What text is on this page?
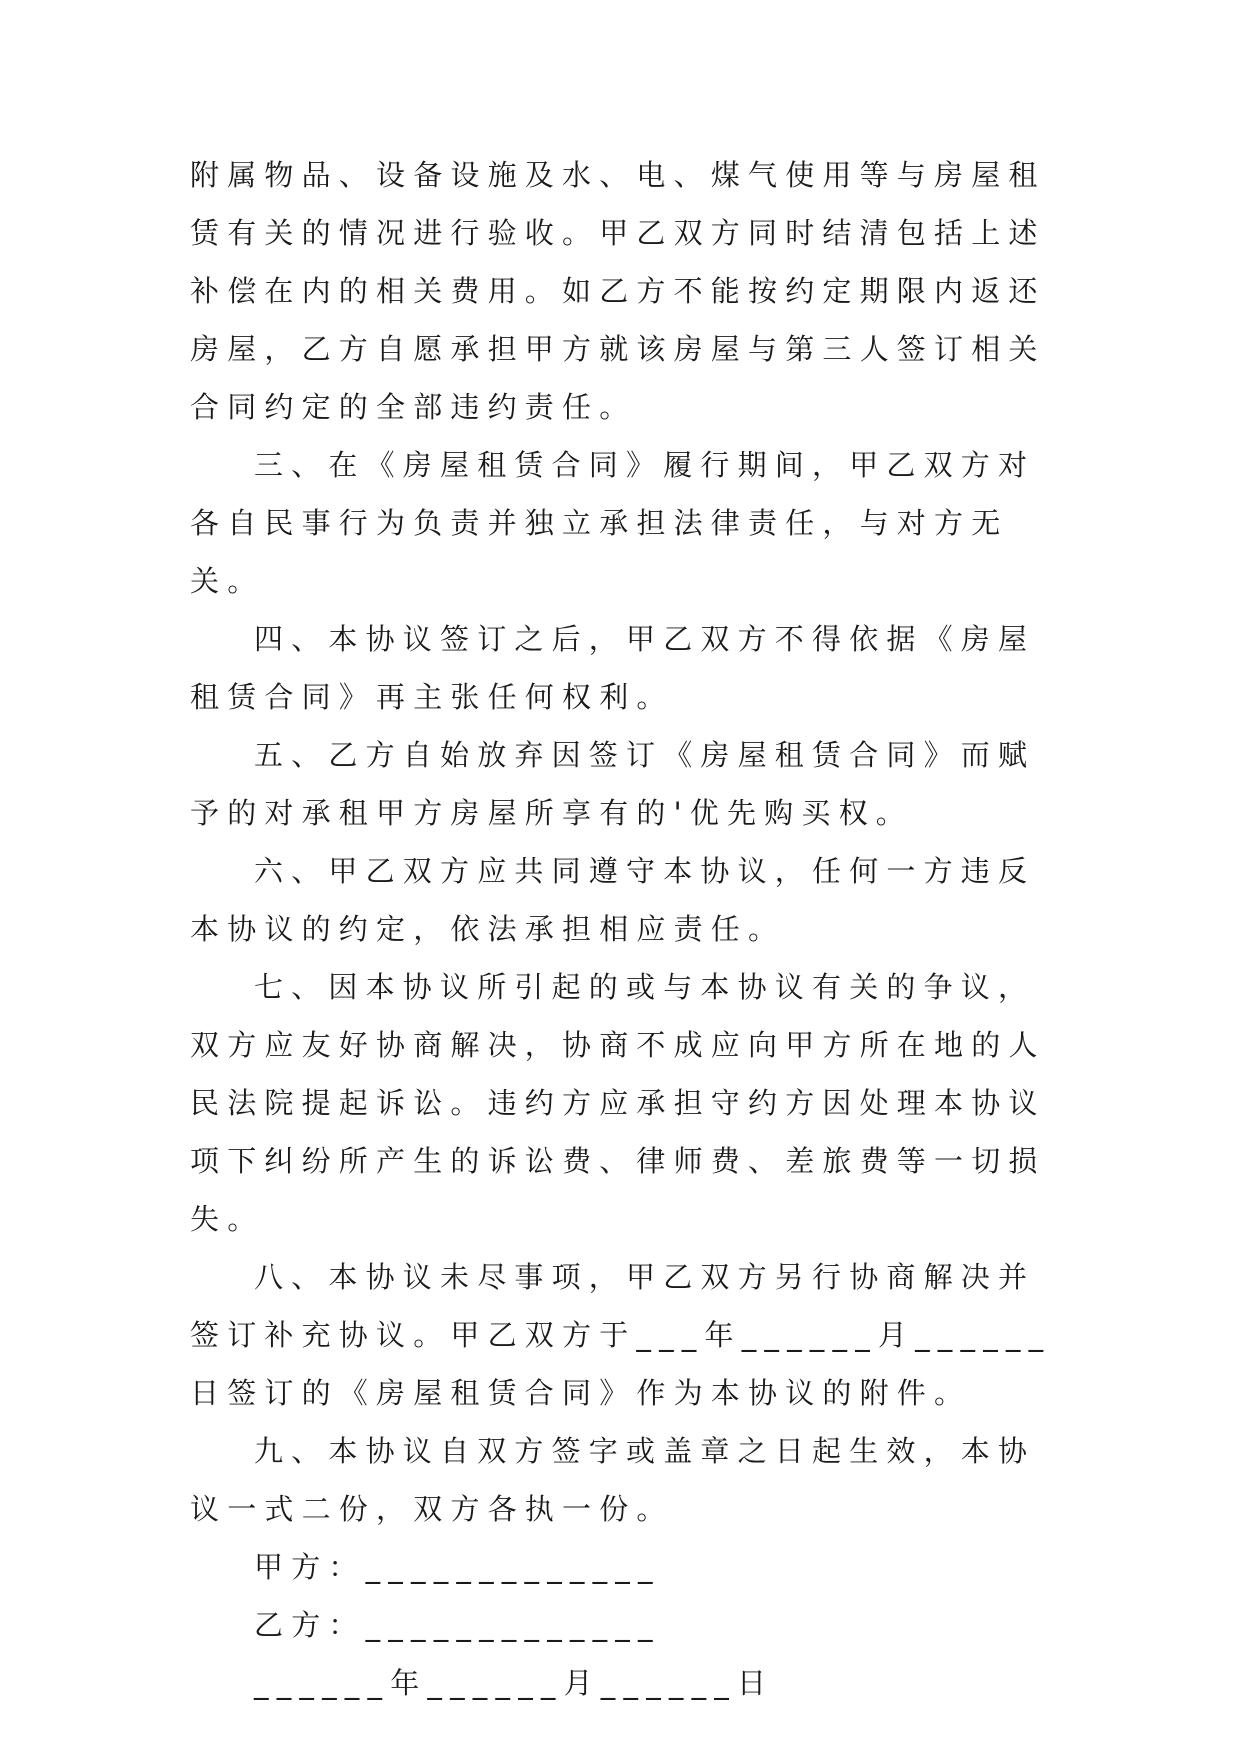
附属物品、设备设施及水、电、煤气使用等与房屋租赁有关的情况进行验收。甲乙双方同时结清包括上述补偿在内的相关费用。如乙方不能按约定期限内返还房屋，乙方自愿承担甲方就该房屋与第三人签订相关合同约定的全部违约责任。

三、在《房屋租赁合同》履行期间，甲乙双方对各自民事行为负责并独立承担法律责任，与对方无关。

四、本协议签订之后，甲乙双方不得依据《房屋租赁合同》再主张任何权利。

五、乙方自始放弃因签订《房屋租赁合同》而赋予的对承租甲方房屋所享有的'优先购买权。

六、甲乙双方应共同遵守本协议，任何一方违反本协议的约定，依法承担相应责任。

七、因本协议所引起的或与本协议有关的争议，双方应友好协商解决，协商不成应向甲方所在地的人民法院提起诉讼。违约方应承担守约方因处理本协议项下纠纷所产生的诉讼费、律师费、差旅费等一切损失。

八、本协议未尽事项，甲乙双方另行协商解决并签订补充协议。甲乙双方于___年______月______日签订的《房屋租赁合同》作为本协议的附件。

九、本协议自双方签字或盖章之日起生效，本协议一式二份，双方各执一份。

甲方：_____________

乙方：_____________

______年______月______日
